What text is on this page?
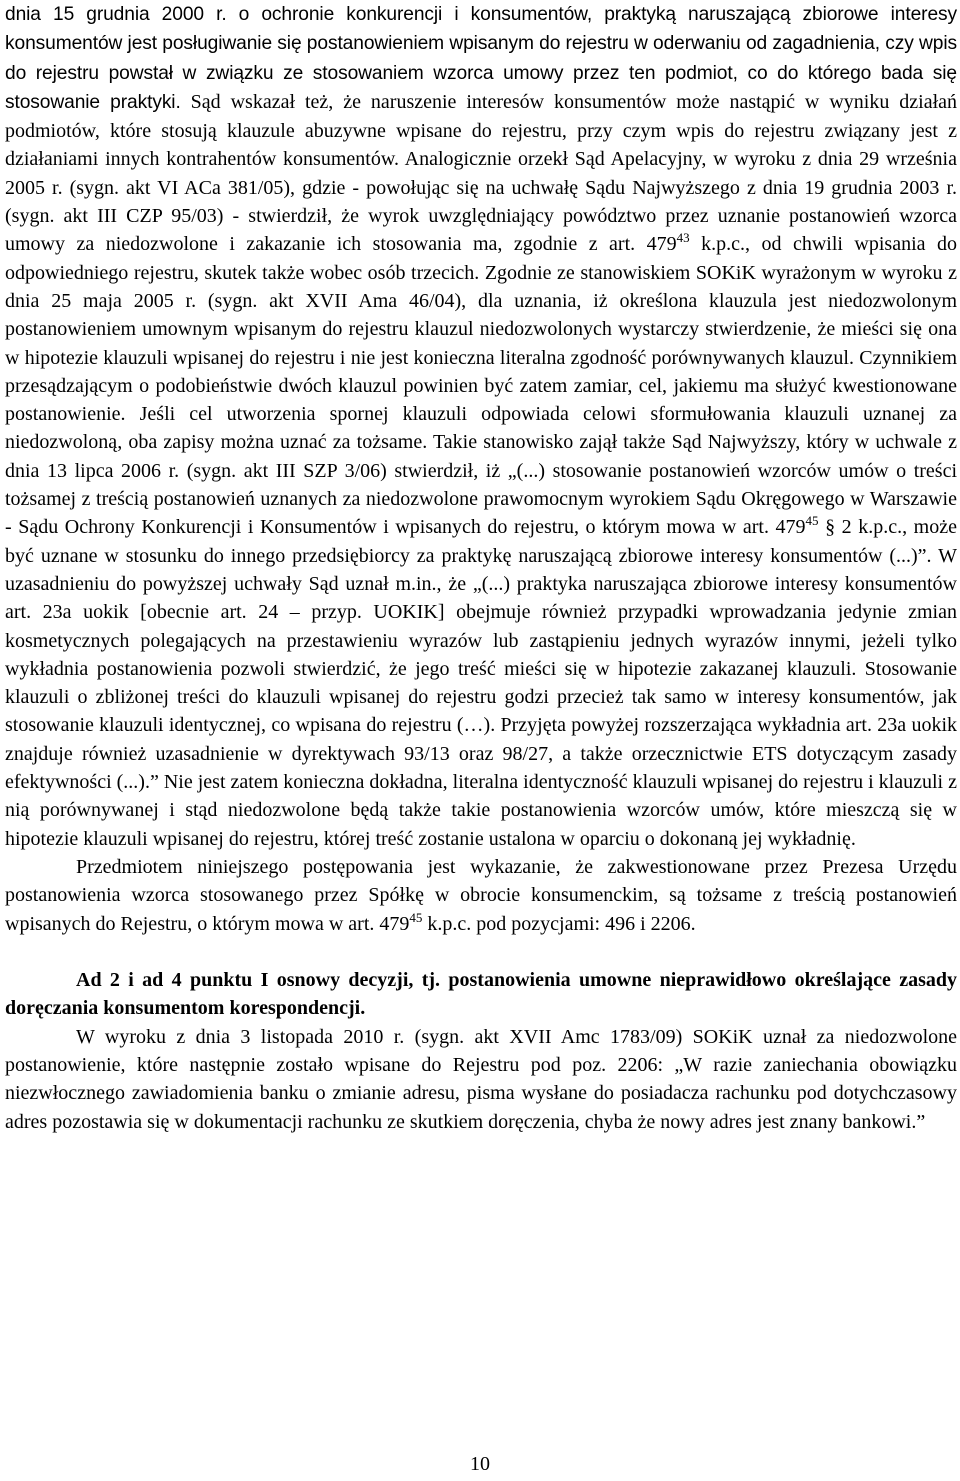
dnia 15 grudnia 2000 r. o ochronie konkurencji i konsumentów, praktyką naruszającą zbiorowe interesy konsumentów jest posługiwanie się postanowieniem wpisanym do rejestru w oderwaniu od zagadnienia, czy wpis do rejestru powstał w związku ze stosowaniem wzorca umowy przez ten podmiot, co do którego bada się stosowanie praktyki. Sąd wskazał też, że naruszenie interesów konsumentów może nastąpić w wyniku działań podmiotów, które stosują klauzule abuzywne wpisane do rejestru, przy czym wpis do rejestru związany jest z działaniami innych kontrahentów konsumentów. Analogicznie orzekł Sąd Apelacyjny, w wyroku z dnia 29 września 2005 r. (sygn. akt VI ACa 381/05), gdzie - powołując się na uchwałę Sądu Najwyższego z dnia 19 grudnia 2003 r. (sygn. akt III CZP 95/03) - stwierdził, że wyrok uwzględniający powództwo przez uznanie postanowień wzorca umowy za niedozwolone i zakazanie ich stosowania ma, zgodnie z art. $479^{43}$ k.p.c., od chwili wpisania do odpowiedniego rejestru, skutek także wobec osób trzecich. Zgodnie ze stanowiskiem SOKiK wyrażonym w wyroku z dnia 25 maja 2005 r. (sygn. akt XVII Ama 46/04), dla uznania, iż określona klauzula jest niedozwolonym postanowieniem umownym wpisanym do rejestru klauzul niedozwolonych wystarczy stwierdzenie, że mieści się ona w hipotezie klauzuli wpisanej do rejestru i nie jest konieczna literalna zgodność porównywanych klauzul. Czynnikiem przesądzającym o podobieństwie dwóch klauzul powinien być zatem zamiar, cel, jakiemu ma służyć kwestionowane postanowienie. Jeśli cel utworzenia spornej klauzuli odpowiada celowi sformułowania klauzuli uznanej za niedozwoloną, oba zapisy można uznać za tożsame. Takie stanowisko zajął także Sąd Najwyższy, który w uchwale z dnia 13 lipca 2006 r. (sygn. akt III SZP 3/06) stwierdził, iż „(...) stosowanie postanowień wzorców umów o treści tożsamej z treścią postanowień uznanych za niedozwolone prawomocnym wyrokiem Sądu Okręgowego w Warszawie - Sądu Ochrony Konkurencji i Konsumentów i wpisanych do rejestru, o którym mowa w art. $479^{45}$ § 2 k.p.c., może być uznane w stosunku do innego przedsiębiorcy za praktykę naruszającą zbiorowe interesy konsumentów (...)”. W uzasadnieniu do powyższej uchwały Sąd uznał m.in., że „(...) praktyka naruszająca zbiorowe interesy konsumentów art. 23a uokik [obecnie art. 24 – przyp. UOKIK] obejmuje również przypadki wprowadzania jedynie zmian kosmetycznych polegających na przestawieniu wyrazów lub zastąpieniu jednych wyrazów innymi, jeżeli tylko wykładnia postanowienia pozwoli stwierdzić, że jego treść mieści się w hipotezie zakazanej klauzuli. Stosowanie klauzuli o zbliżonej treści do klauzuli wpisanej do rejestru godzi przecież tak samo w interesy konsumentów, jak stosowanie klauzuli identycznej, co wpisana do rejestru (…). Przyjęta powyżej rozszerzająca wykładnia art. 23a uokik znajduje również uzasadnienie w dyrektywach 93/13 oraz 98/27, a także orzecznictwie ETS dotyczącym zasady efektywności (...).” Nie jest zatem konieczna dokładna, literalna identyczność klauzuli wpisanej do rejestru i klauzuli z nią porównywanej i stąd niedozwolone będą także takie postanowienia wzorców umów, które mieszczą się w hipotezie klauzuli wpisanej do rejestru, której treść zostanie ustalona w oparciu o dokonaną jej wykładnię.

Przedmiotem niniejszego postępowania jest wykazanie, że zakwestionowane przez Prezesa Urzędu postanowienia wzorca stosowanego przez Spółkę w obrocie konsumenckim, są tożsame z treścią postanowień wpisanych do Rejestru, o którym mowa w art. $479^{45}$ k.p.c. pod pozycjami: 496 i 2206.

Ad 2 i ad 4 punktu I osnowy decyzji, tj. postanowienia umowne nieprawidłowo określające zasady doręczania konsumentom korespondencji.

W wyroku z dnia 3 listopada 2010 r. (sygn. akt XVII Amc 1783/09) SOKiK uznał za niedozwolone postanowienie, które następnie zostało wpisane do Rejestru pod poz. 2206: „W razie zaniechania obowiązku niezwłocznego zawiadomienia banku o zmianie adresu, pisma wysłane do posiadacza rachunku pod dotychczasowy adres pozostawia się w dokumentacji rachunku ze skutkiem doręczenia, chyba że nowy adres jest znany bankowi.”

10
